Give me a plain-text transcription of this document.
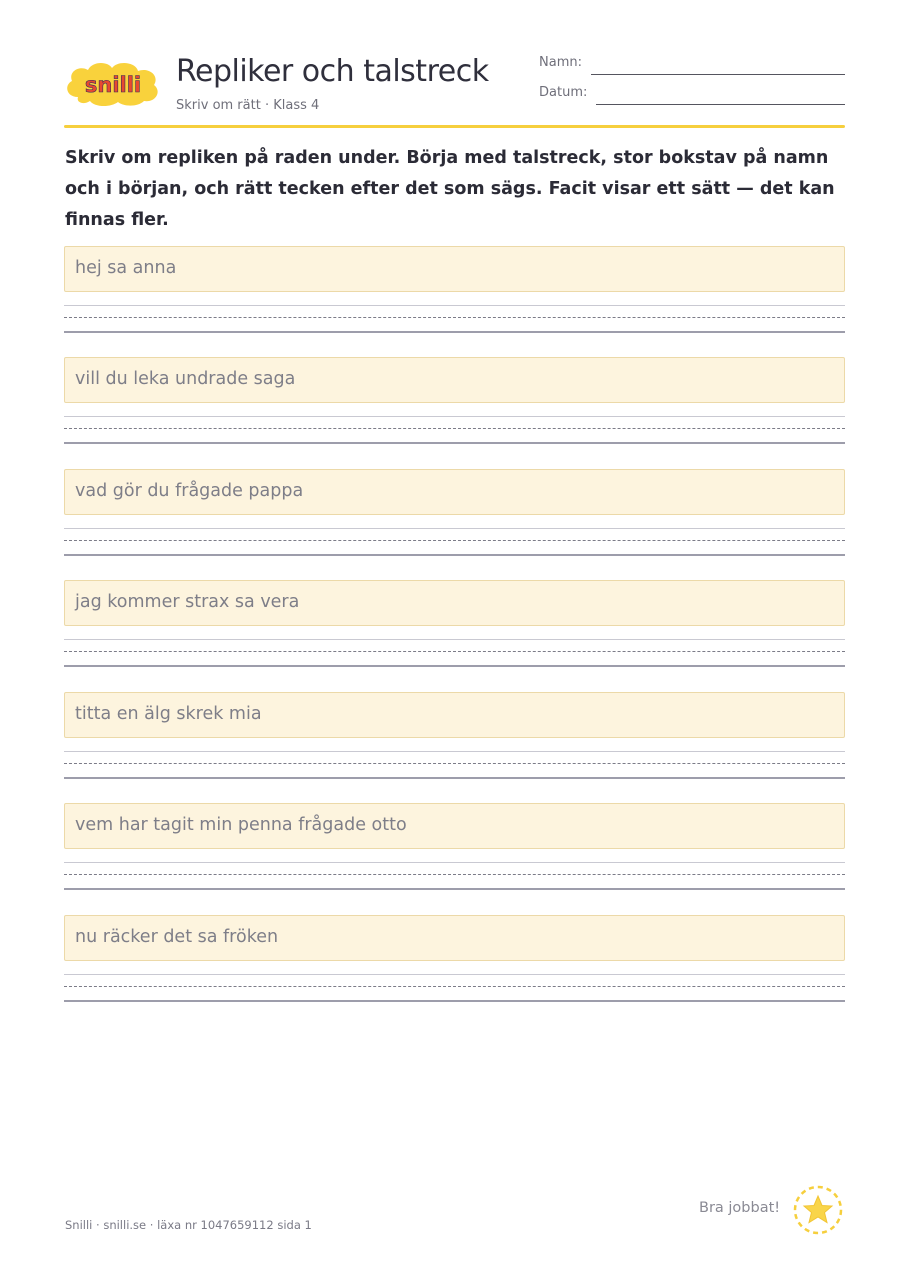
snilli Repliker och talstreck
Skriv om rätt · Klass 4
Namn:
Datum:
Skriv om repliken på raden under. Börja med talstreck, stor bokstav på namn och i början, och rätt tecken efter det som sägs. Facit visar ett sätt — det kan finnas fler.
hej sa anna
vill du leka undrade saga
vad gör du frågade pappa
jag kommer strax sa vera
titta en älg skrek mia
vem har tagit min penna frågade otto
nu räcker det sa fröken
Snilli · snilli.se · läxa nr 1047659112 sida 1
Bra jobbat!
